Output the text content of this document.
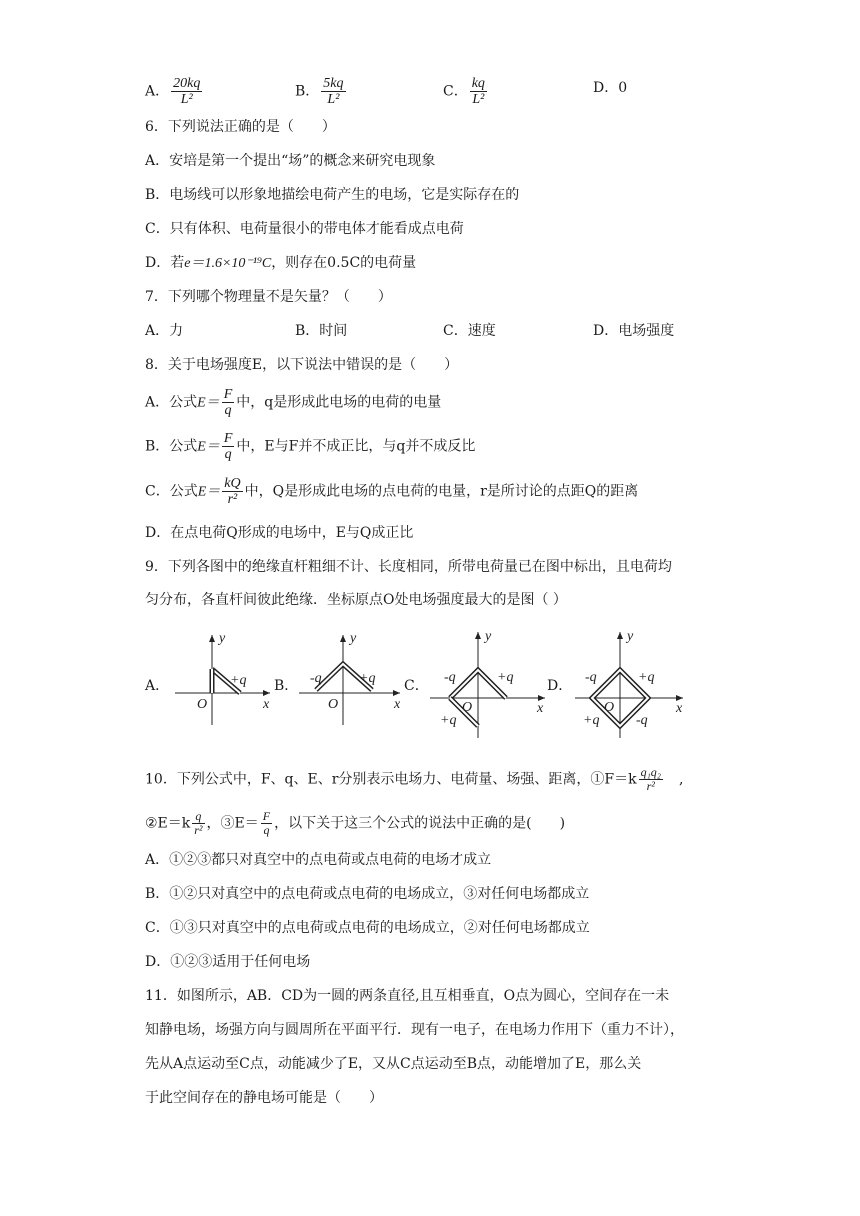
A． $\frac{20kq}{\text{L²}}$	B． $\frac{5kq}{\text{L²}}$	C． $\frac{kq}{\text{L²}}$	D．0
6．下列说法正确的是（　　）
A．安培是第一个提出“场”的概念来研究电现象
B．电场线可以形象地描绘电荷产生的电场，它是实际存在的
C．只有体积、电荷量很小的带电体才能看成点电荷
D．若e＝1.6×10⁻¹⁹C，则存在0.5C的电荷量
7．下列哪个物理量不是矢量？（　　）
A．力	B．时间	C．速度	D．电场强度
8．关于电场强度E，以下说法中错误的是（　　）
A．公式$E= \frac{F}{q}$ 中，q是形成此电场的电荷的电量
B．公式$E= \frac{F}{q}$ 中，E与F并不成正比，与q并不成反比
C．公式$E= \frac{kQ}{\text{r²}}$ 中，Q是形成此电场的点电荷的电量，r是所讨论的点距Q的距离
D．在点电荷Q形成的电场中，E与Q成正比
9．下列各图中的绝缘直杆粗细不计、长度相同，所带电荷量已在图中标出，且电荷均
匀分布，各直杆间彼此绝缘．坐标原点O处电场强度最大的是图（ ）
A．	B．	C．	D．
y
+q
O	x
y
-q	+q
O	x
y
-q	+q
O
+q
x
y
-q	+q
O
+q	-q
x
10．下列公式中，F、q、E、r分别表示电场力、电荷量、场强、距离，①F＝k $\frac{\text{q₁q₂}}{\text{r²}}$ 　,
②E＝k $\frac{q}{\text{r²}}$ ，③E＝ $\frac{F}{q}$ ，以下关于这三个公式的说法中正确的是(　　)
A．①②③都只对真空中的点电荷或点电荷的电场才成立
B．①②只对真空中的点电荷或点电荷的电场成立，③对任何电场都成立
C．①③只对真空中的点电荷或点电荷的电场成立，②对任何电场都成立
D．①②③适用于任何电场
11．如图所示，AB．CD为一圆的两条直径,且互相垂直，O点为圆心，空间存在一未
知静电场，场强方向与圆周所在平面平行．现有一电子，在电场力作用下（重力不计），
先从A点运动至C点，动能减少了E，又从C点运动至B点，动能增加了E，那么关
于此空间存在的静电场可能是（　　）
